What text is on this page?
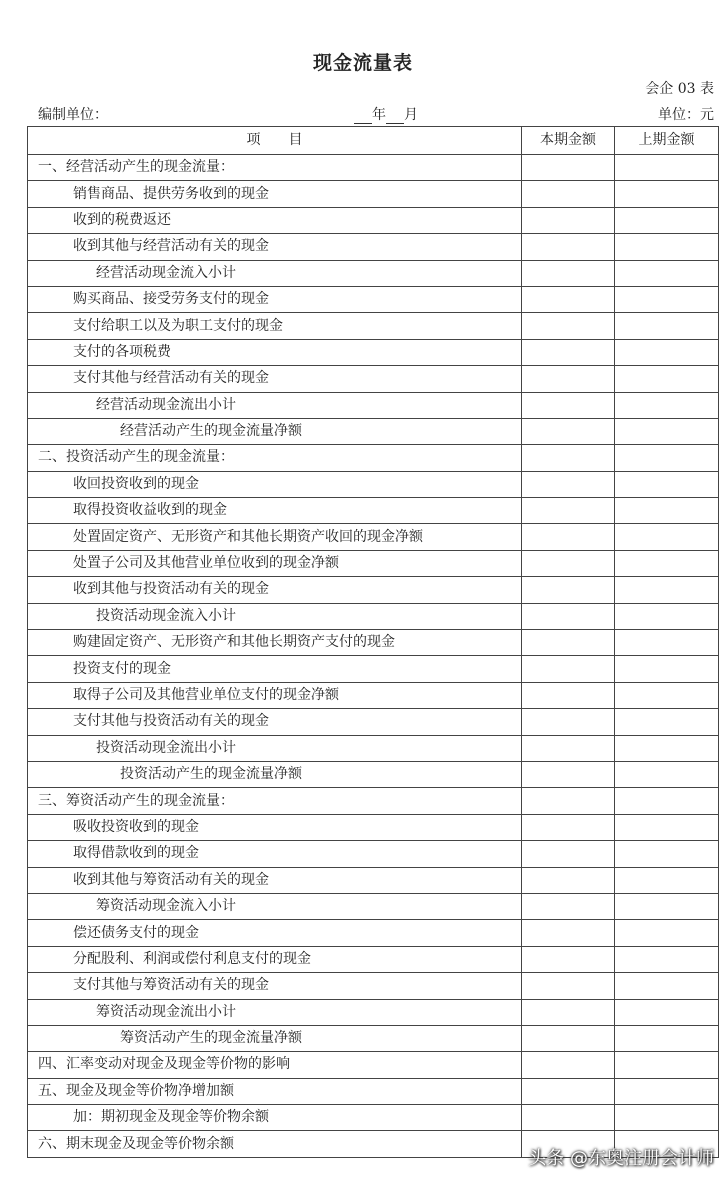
现金流量表
会企 03 表
编制单位：	年 月	单位：元
项　　目	本期金额	上期金额
一、经营活动产生的现金流量：		
销售商品、提供劳务收到的现金		
收到的税费返还		
收到其他与经营活动有关的现金		
经营活动现金流入小计		
购买商品、接受劳务支付的现金		
支付给职工以及为职工支付的现金		
支付的各项税费		
支付其他与经营活动有关的现金		
经营活动现金流出小计		
经营活动产生的现金流量净额		
二、投资活动产生的现金流量：		
收回投资收到的现金		
取得投资收益收到的现金		
处置固定资产、无形资产和其他长期资产收回的现金净额		
处置子公司及其他营业单位收到的现金净额		
收到其他与投资活动有关的现金		
投资活动现金流入小计		
购建固定资产、无形资产和其他长期资产支付的现金		
投资支付的现金		
取得子公司及其他营业单位支付的现金净额		
支付其他与投资活动有关的现金		
投资活动现金流出小计		
投资活动产生的现金流量净额		
三、筹资活动产生的现金流量：		
吸收投资收到的现金		
取得借款收到的现金		
收到其他与筹资活动有关的现金		
筹资活动现金流入小计		
偿还债务支付的现金		
分配股利、利润或偿付利息支付的现金		
支付其他与筹资活动有关的现金		
筹资活动现金流出小计		
筹资活动产生的现金流量净额		
四、汇率变动对现金及现金等价物的影响		
五、现金及现金等价物净增加额		
加：期初现金及现金等价物余额		
六、期末现金及现金等价物余额		
头条 @东奥注册会计师
